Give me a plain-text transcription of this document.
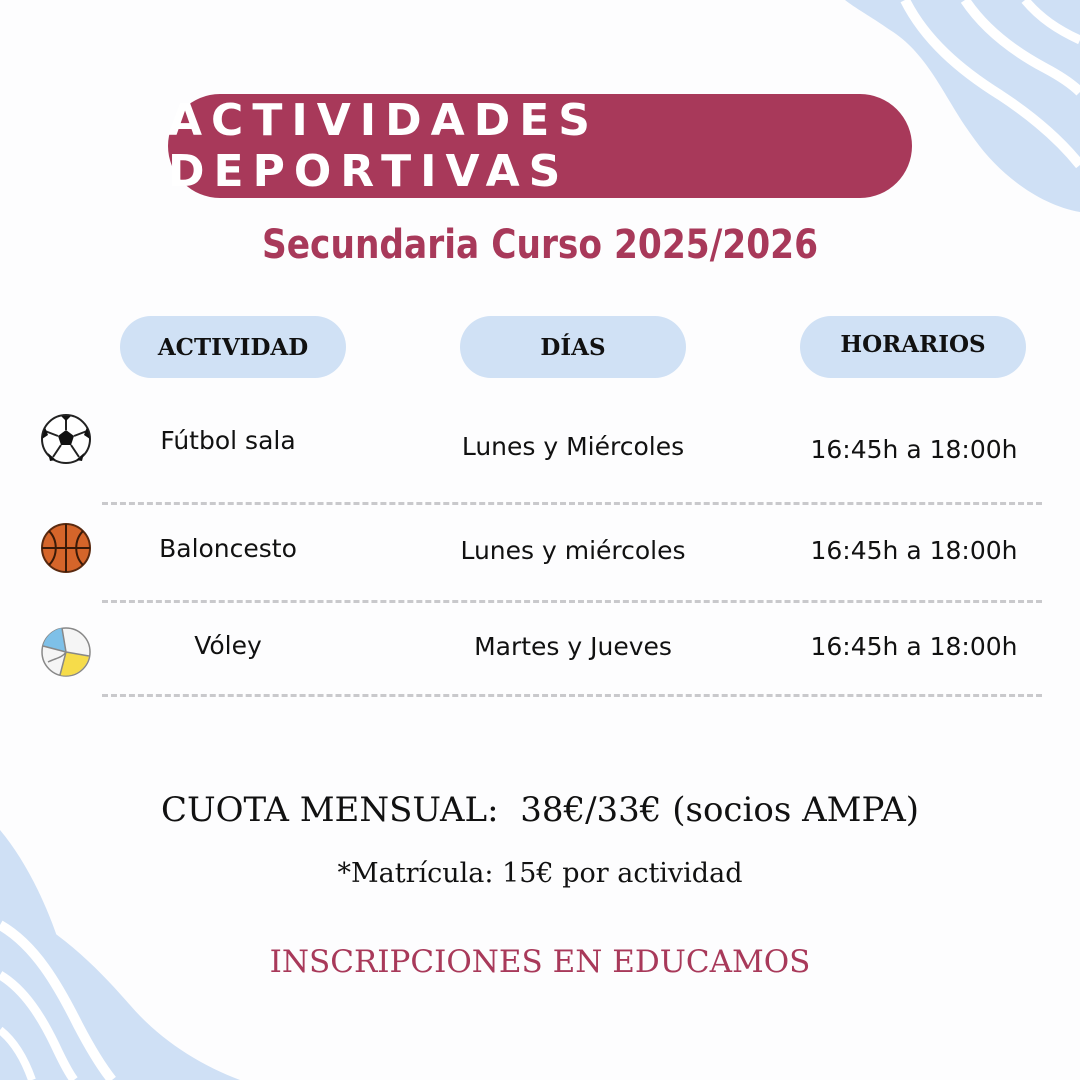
ACTIVIDADES DEPORTIVAS
Secundaria Curso 2025/2026
ACTIVIDAD	DÍAS	HORARIOS
Fútbol sala	Lunes y Miércoles	16:45h a 18:00h
Baloncesto	Lunes y miércoles	16:45h a 18:00h
Vóley	Martes y Jueves	16:45h a 18:00h
CUOTA MENSUAL:  38€/33€ (socios AMPA)
*Matrícula: 15€ por actividad
INSCRIPCIONES EN EDUCAMOS
